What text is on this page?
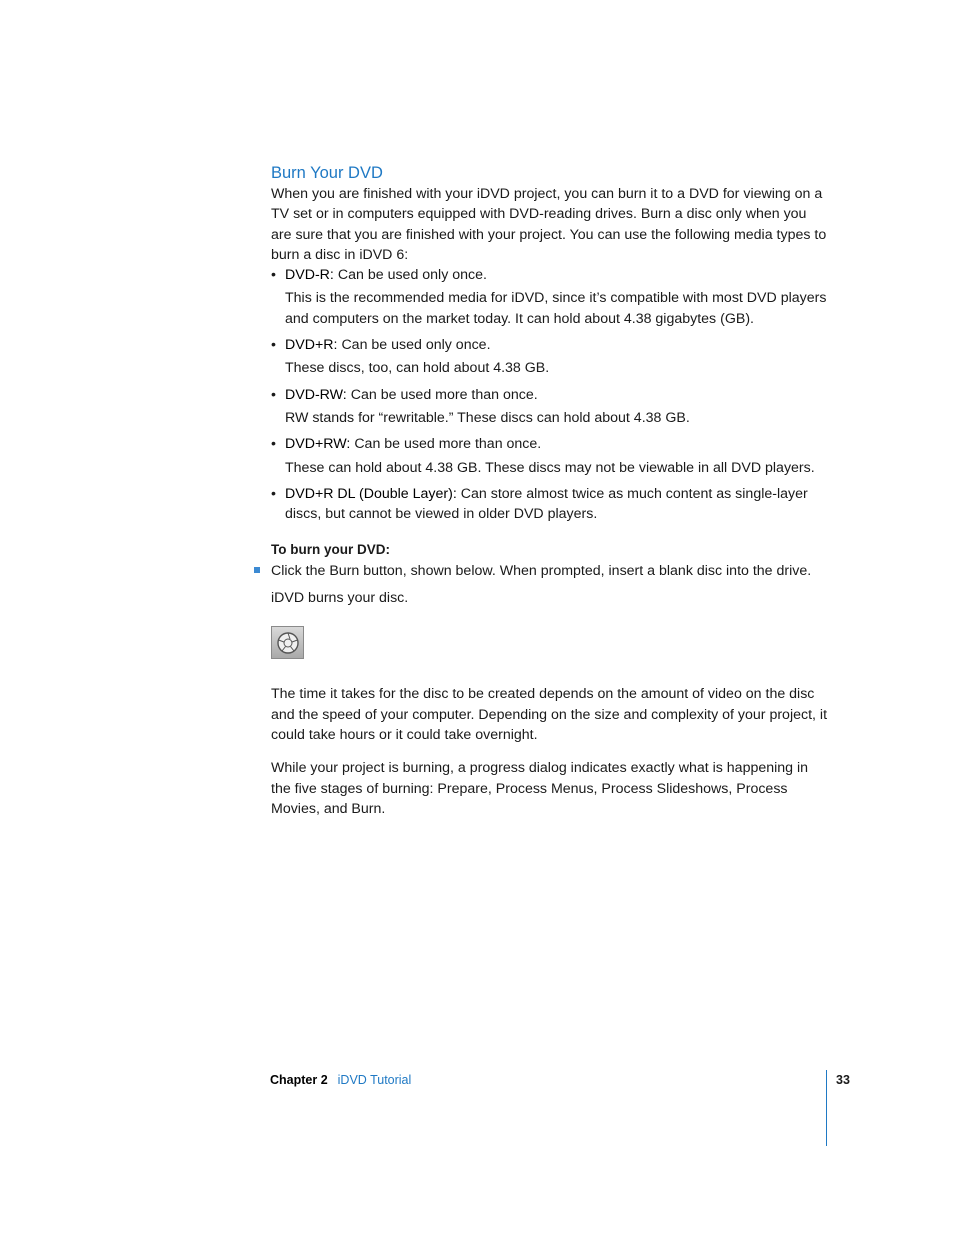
Burn Your DVD

When you are finished with your iDVD project, you can burn it to a DVD for viewing on a TV set or in computers equipped with DVD-reading drives. Burn a disc only when you are sure that you are finished with your project. You can use the following media types to burn a disc in iDVD 6:

• DVD-R: Can be used only once.
This is the recommended media for iDVD, since it’s compatible with most DVD players and computers on the market today. It can hold about 4.38 gigabytes (GB).
• DVD+R: Can be used only once.
These discs, too, can hold about 4.38 GB.
• DVD-RW: Can be used more than once.
RW stands for “rewritable.” These discs can hold about 4.38 GB.
• DVD+RW: Can be used more than once.
These can hold about 4.38 GB. These discs may not be viewable in all DVD players.
• DVD+R DL (Double Layer): Can store almost twice as much content as single-layer discs, but cannot be viewed in older DVD players.
To burn your DVD:
Click the Burn button, shown below. When prompted, insert a blank disc into the drive.
iDVD burns your disc.

The time it takes for the disc to be created depends on the amount of video on the disc and the speed of your computer. Depending on the size and complexity of your project, it could take hours or it could take overnight.

While your project is burning, a progress dialog indicates exactly what is happening in the five stages of burning: Prepare, Process Menus, Process Slideshows, Process Movies, and Burn.

Chapter 2 iDVD Tutorial	33
